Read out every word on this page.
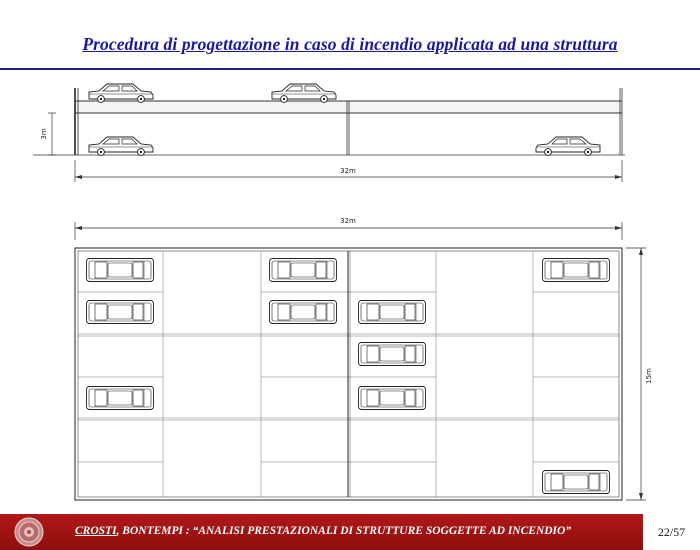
Procedura di progettazione in caso di incendio applicata ad una struttura
3m
32m
32m
15m
CROSTI, BONTEMPI : “ANALISI PRESTAZIONALI DI STRUTTURE SOGGETTE AD INCENDIO”	22/57
